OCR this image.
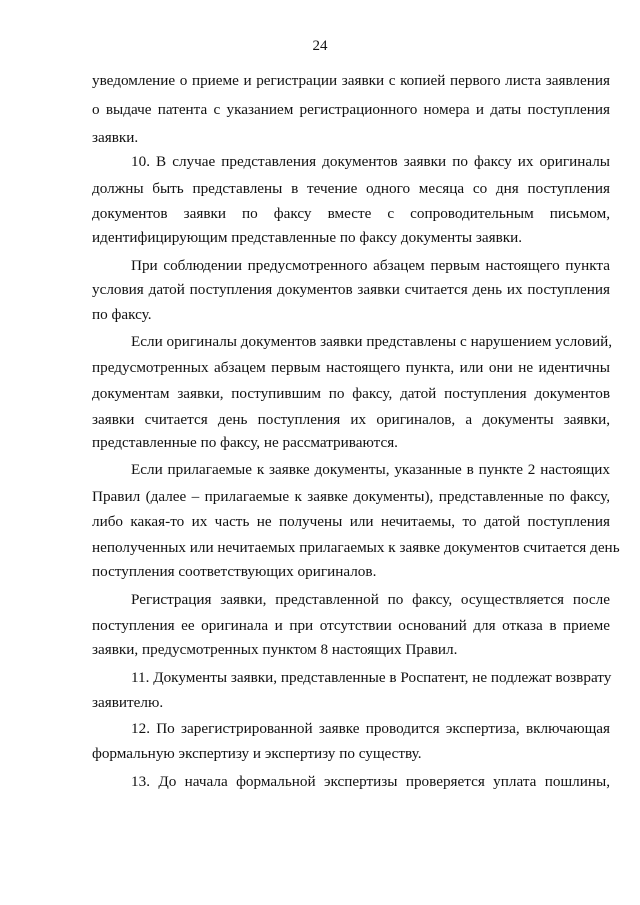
24
уведомление о приеме и регистрации заявки с копией первого листа заявления
о выдаче патента с указанием регистрационного номера и даты поступления
заявки.
10. В случае представления документов заявки по факсу их оригиналы
должны быть представлены в течение одного месяца со дня поступления
документов заявки по факсу вместе с сопроводительным письмом,
идентифицирующим представленные по факсу документы заявки.
При соблюдении предусмотренного абзацем первым настоящего пункта
условия датой поступления документов заявки считается день их поступления
по факсу.
Если оригиналы документов заявки представлены с нарушением условий,
предусмотренных абзацем первым настоящего пункта, или они не идентичны
документам заявки, поступившим по факсу, датой поступления документов
заявки считается день поступления их оригиналов, а документы заявки,
представленные по факсу, не рассматриваются.
Если прилагаемые к заявке документы, указанные в пункте 2 настоящих
Правил (далее – прилагаемые к заявке документы), представленные по факсу,
либо какая-то их часть не получены или нечитаемы, то датой поступления
неполученных или нечитаемых прилагаемых к заявке документов считается день
поступления соответствующих оригиналов.
Регистрация заявки, представленной по факсу, осуществляется после
поступления ее оригинала и при отсутствии оснований для отказа в приеме
заявки, предусмотренных пунктом 8 настоящих Правил.
11. Документы заявки, представленные в Роспатент, не подлежат возврату
заявителю.
12. По зарегистрированной заявке проводится экспертиза, включающая
формальную экспертизу и экспертизу по существу.
13. До начала формальной экспертизы проверяется уплата пошлины,
